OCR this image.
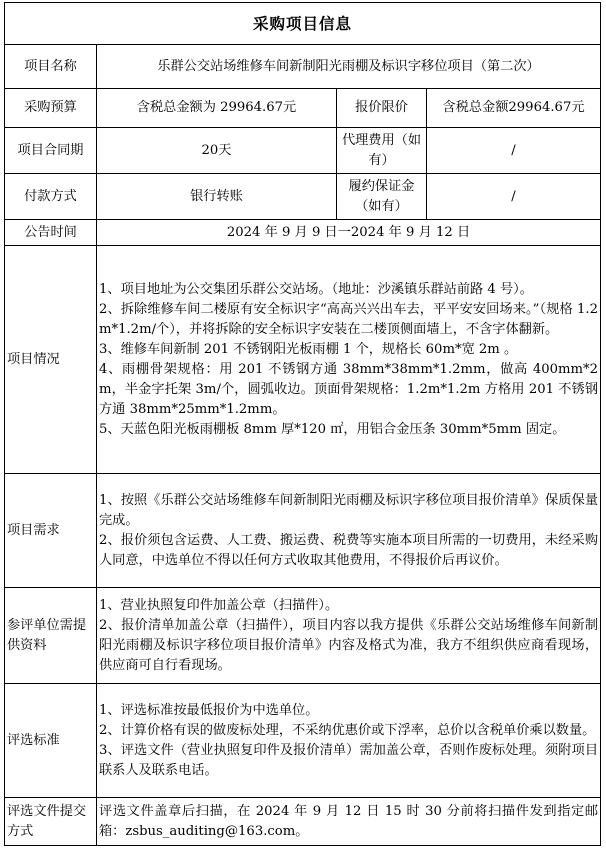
采购项目信息			
项目名称	乐群公交站场维修车间新制阳光雨棚及标识字移位项目（第二次）		
采购预算	含税总金额为 29964.67元	报价限价	含税总金额29964.67元
项目合同期	20天	代理费用（如有）	/
付款方式	银行转账	履约保证金（如有）	/
公告时间	2024 年 9 月 9 日一2024 年 9 月 12 日		
项目情况	1、项目地址为公交集团乐群公交站场。（地址：沙溪镇乐群站前路 4 号）。
2、拆除维修车间二楼原有安全标识字“高高兴兴出车去，平平安安回场来。”（规格 1.2m*1.2m/个），并将拆除的安全标识字安装在二楼顶侧面墙上，不含字体翻新。
3、维修车间新制 201 不锈钢阳光板雨棚 1 个，规格长 60m*宽 2m 。
4、雨棚骨架规格：用 201 不锈钢方通 38mm*38mm*1.2mm，做高 400mm*2m，半金字托架 3m/个，圆弧收边。顶面骨架规格：1.2m*1.2m 方格用 201 不锈钢方通 38mm*25mm*1.2mm。
5、天蓝色阳光板雨棚板 8mm 厚*120 ㎡，用铝合金压条 30mm*5mm 固定。		

项目需求	1、按照《乐群公交站场维修车间新制阳光雨棚及标识字移位项目报价清单》保质保量完成。
2、报价须包含运费、人工费、搬运费、税费等实施本项目所需的一切费用，未经采购人同意，中选单位不得以任何方式收取其他费用，不得报价后再议价。		

参评单位需提供资料	1、营业执照复印件加盖公章（扫描件）。
2、报价清单加盖公章（扫描件），项目内容以我方提供《乐群公交站场维修车间新制阳光雨棚及标识字移位项目报价清单》内容及格式为准，我方不组织供应商看现场，供应商可自行看现场。		

评选标准	1、评选标准按最低报价为中选单位。
2、计算价格有误的做废标处理，不采纳优惠价或下浮率，总价以含税单价乘以数量。
3、评选文件（营业执照复印件及报价清单）需加盖公章，否则作废标处理。须附项目联系人及联系电话。		

评选文件提交方式	评选文件盖章后扫描，在 2024 年 9 月 12 日 15 时 30 分前将扫描件发到指定邮箱：zsbus_auditing@163.com。		
